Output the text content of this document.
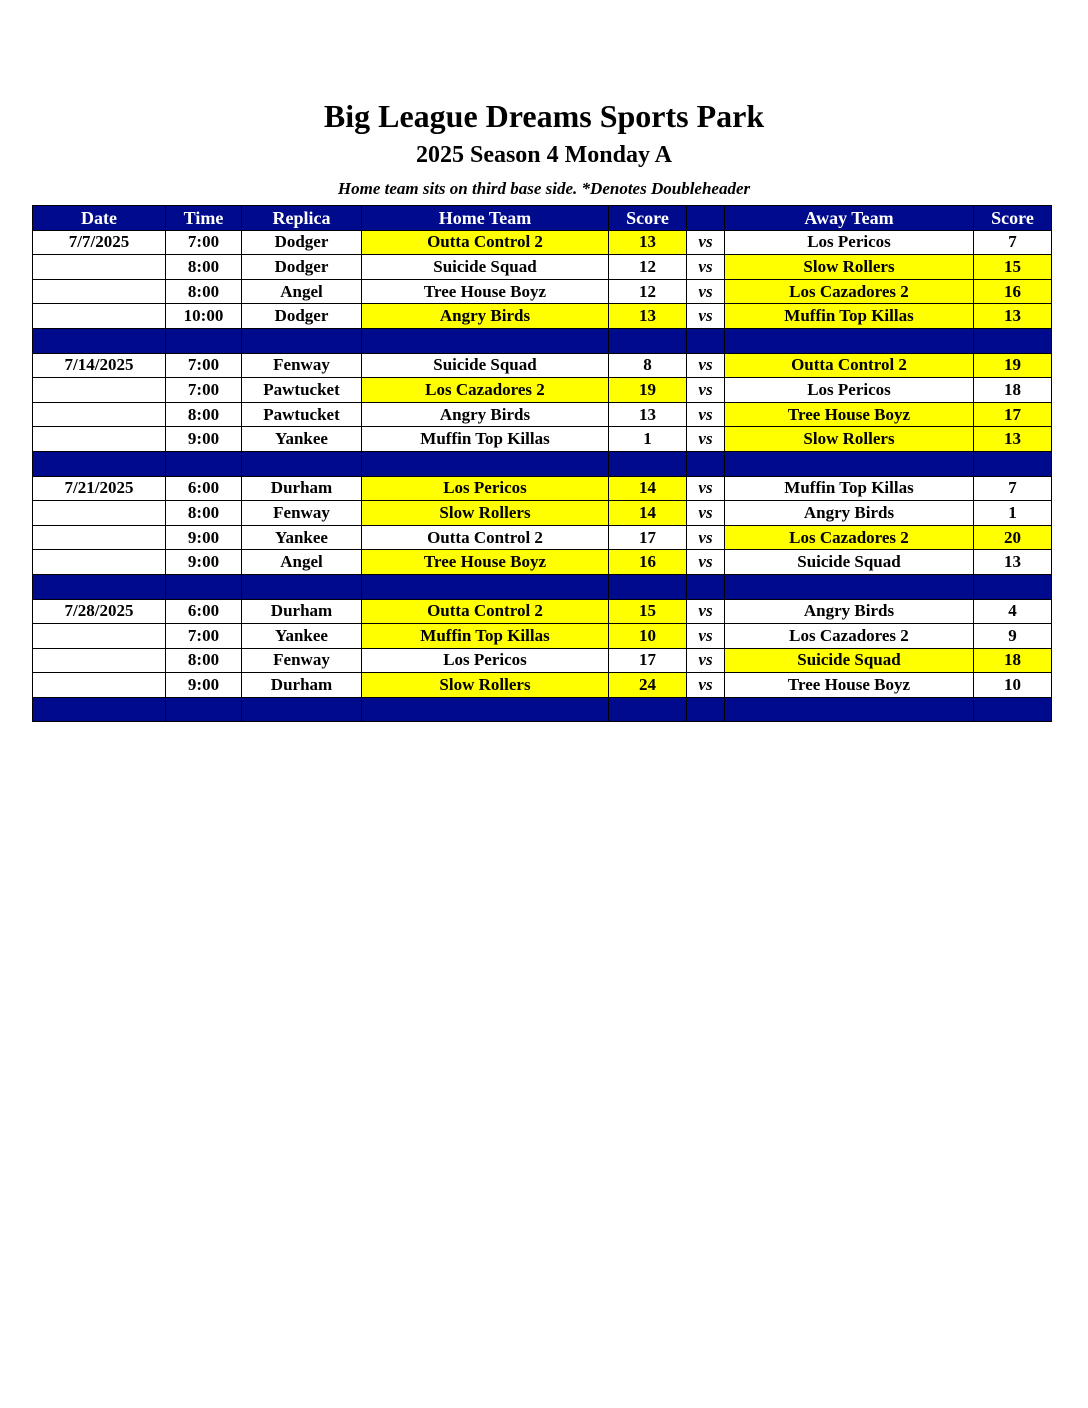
Big League Dreams Sports Park
2025 Season 4 Monday A
Home team sits on third base side. *Denotes Doubleheader
Date	Time	Replica	Home Team	Score		Away Team	Score
7/7/2025	7:00	Dodger	Outta Control 2	13	vs	Los Pericos	7
	8:00	Dodger	Suicide Squad	12	vs	Slow Rollers	15
	8:00	Angel	Tree House Boyz	12	vs	Los Cazadores 2	16
	10:00	Dodger	Angry Birds	13	vs	Muffin Top Killas	13

7/14/2025	7:00	Fenway	Suicide Squad	8	vs	Outta Control 2	19
	7:00	Pawtucket	Los Cazadores 2	19	vs	Los Pericos	18
	8:00	Pawtucket	Angry Birds	13	vs	Tree House Boyz	17
	9:00	Yankee	Muffin Top Killas	1	vs	Slow Rollers	13

7/21/2025	6:00	Durham	Los Pericos	14	vs	Muffin Top Killas	7
	8:00	Fenway	Slow Rollers	14	vs	Angry Birds	1
	9:00	Yankee	Outta Control 2	17	vs	Los Cazadores 2	20
	9:00	Angel	Tree House Boyz	16	vs	Suicide Squad	13

7/28/2025	6:00	Durham	Outta Control 2	15	vs	Angry Birds	4
	7:00	Yankee	Muffin Top Killas	10	vs	Los Cazadores 2	9
	8:00	Fenway	Los Pericos	17	vs	Suicide Squad	18
	9:00	Durham	Slow Rollers	24	vs	Tree House Boyz	10
